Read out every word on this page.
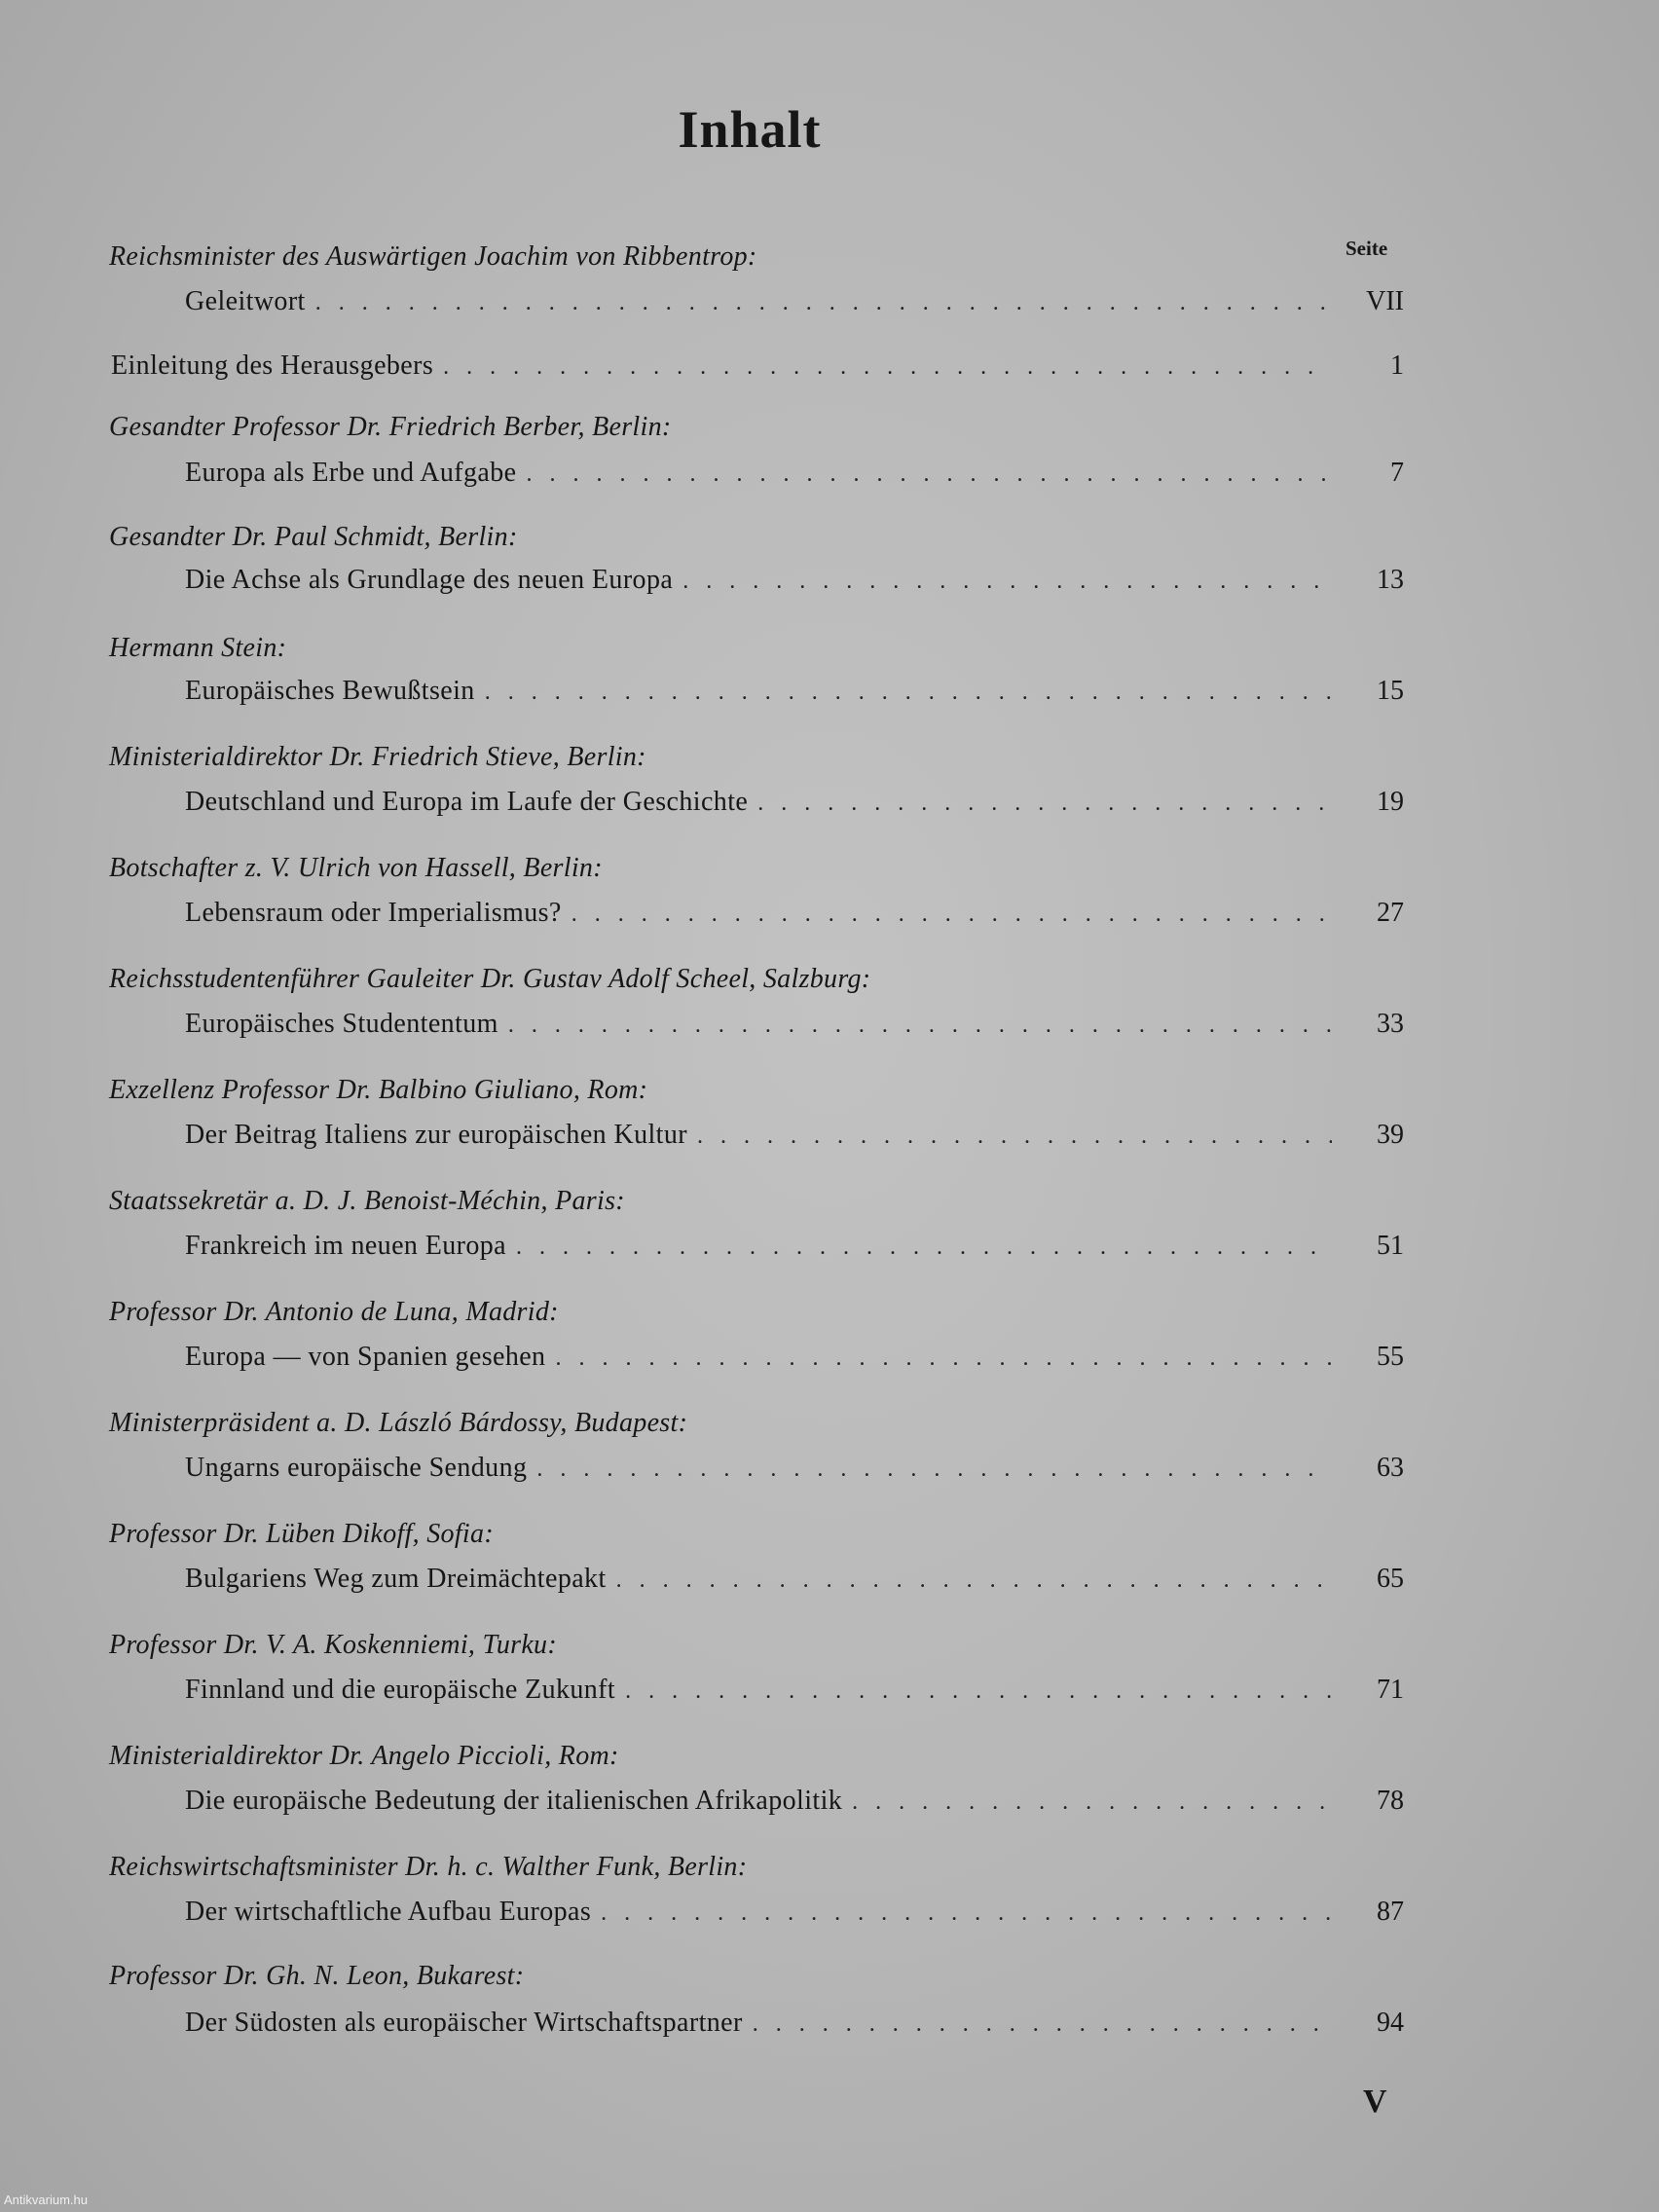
Inhalt
Seite
Reichsminister des Auswärtigen Joachim von Ribbentrop:
Geleitwort . . .	VII
Einleitung des Herausgebers . . .	1
Gesandter Professor Dr. Friedrich Berber, Berlin:
Europa als Erbe und Aufgabe . . .	7
Gesandter Dr. Paul Schmidt, Berlin:
Die Achse als Grundlage des neuen Europa . . .	13
Hermann Stein:
Europäisches Bewußtsein . . .	15
Ministerialdirektor Dr. Friedrich Stieve, Berlin:
Deutschland und Europa im Laufe der Geschichte . . .	19
Botschafter z. V. Ulrich von Hassell, Berlin:
Lebensraum oder Imperialismus? . . .	27
Reichsstudentenführer Gauleiter Dr. Gustav Adolf Scheel, Salzburg:
Europäisches Studententum . . .	33
Exzellenz Professor Dr. Balbino Giuliano, Rom:
Der Beitrag Italiens zur europäischen Kultur . . .	39
Staatssekretär a. D. J. Benoist-Méchin, Paris:
Frankreich im neuen Europa . . .	51
Professor Dr. Antonio de Luna, Madrid:
Europa — von Spanien gesehen . . .	55
Ministerpräsident a. D. László Bárdossy, Budapest:
Ungarns europäische Sendung . . .	63
Professor Dr. Lüben Dikoff, Sofia:
Bulgariens Weg zum Dreimächtepakt . . .	65
Professor Dr. V. A. Koskenniemi, Turku:
Finnland und die europäische Zukunft . . .	71
Ministerialdirektor Dr. Angelo Piccioli, Rom:
Die europäische Bedeutung der italienischen Afrikapolitik . . .	78
Reichswirtschaftsminister Dr. h. c. Walther Funk, Berlin:
Der wirtschaftliche Aufbau Europas . . .	87
Professor Dr. Gh. N. Leon, Bukarest:
Der Südosten als europäischer Wirtschaftspartner . . .	94
V
Antikvarium.hu
